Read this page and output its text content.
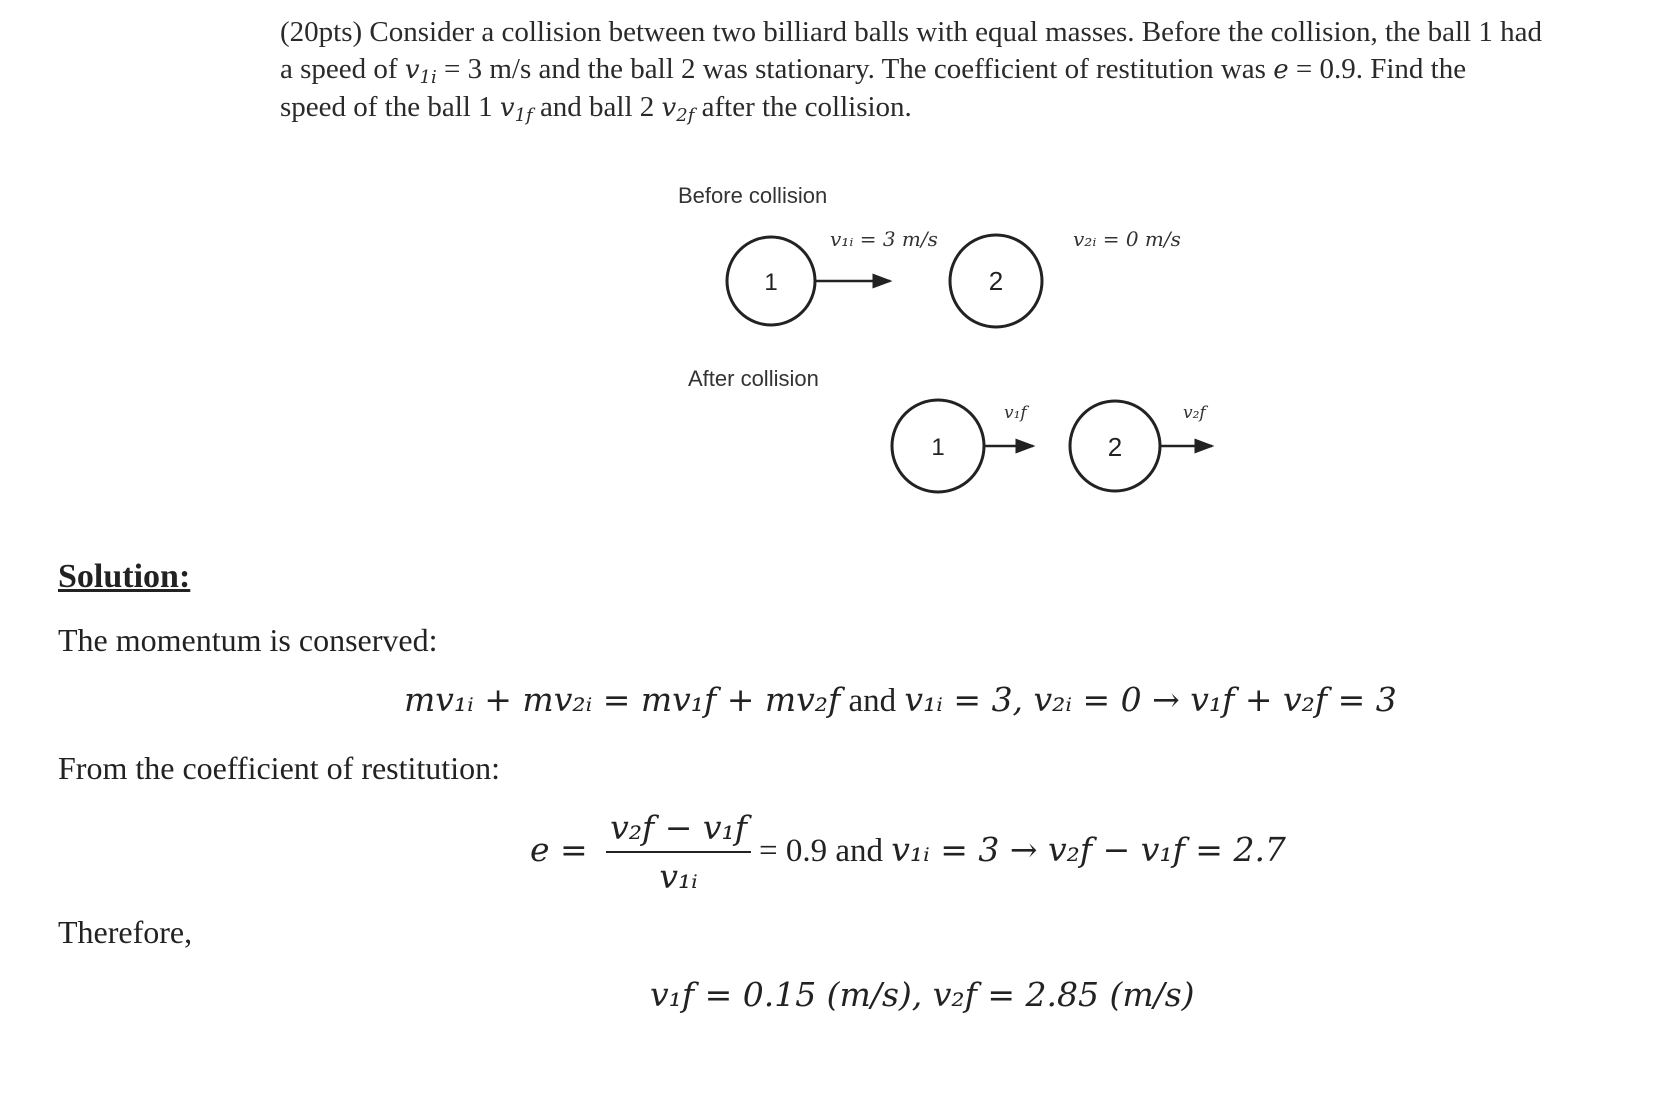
(20pts) Consider a collision between two billiard balls with equal masses. Before the collision, the ball 1 had
a speed of $v_{1i} = 3$ m/s and the ball 2 was stationary. The coefficient of restitution was e = 0.9. Find the
speed of the ball 1 $v_{1f}$ and ball 2 $v_{2f}$ after the collision.
Before collision
1
v₁ᵢ = 3 m/s
2
v₂ᵢ = 0 m/s
After collision
1
v₁f
2
v₂f
Solution:
The momentum is conserved:
mv₁ᵢ + mv₂ᵢ = mv₁f + mv₂f and v₁ᵢ = 3, v₂ᵢ = 0 → v₁f + v₂f = 3
From the coefficient of restitution:
$e = \frac{\text{v₂f − v₁f}}{\text{v₁ᵢ}} = 0.9$ and v₁ᵢ = 3 → v₂f − v₁f = 2.7
Therefore,
v₁f = 0.15 (m/s), v₂f = 2.85 (m/s)
